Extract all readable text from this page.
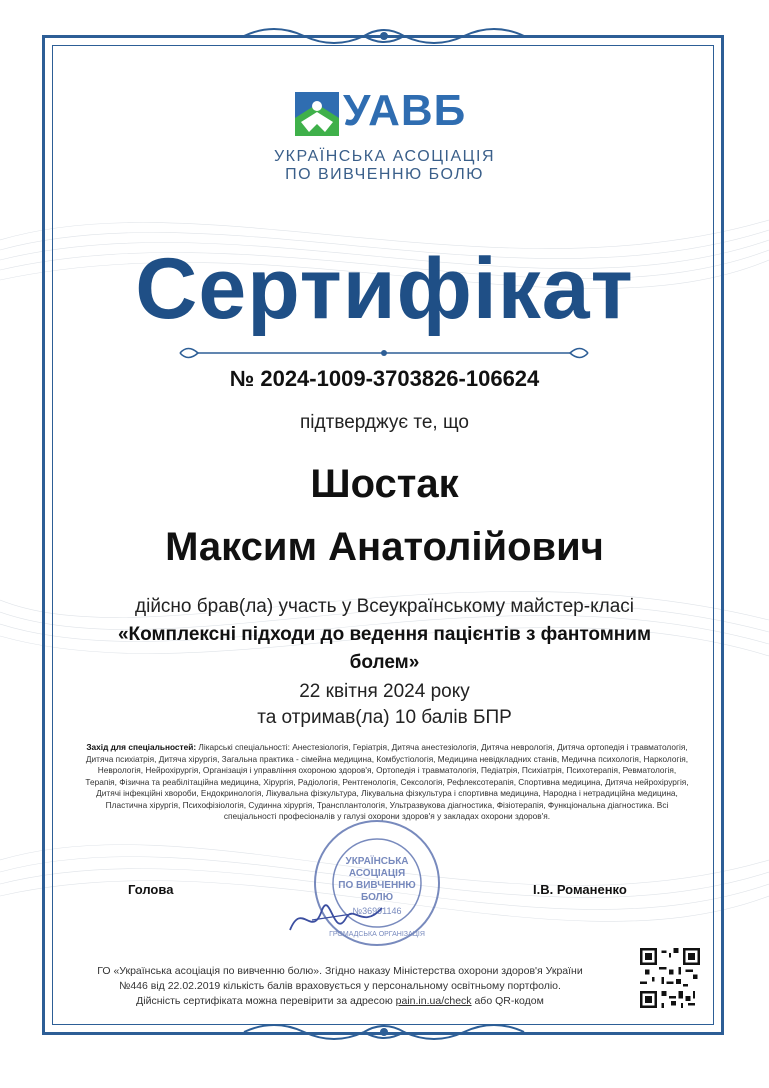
УАВБ
УКРАЇНСЬКА АСОЦІАЦІЯ
ПО ВИВЧЕННЮ БОЛЮ
Сертифікат
№ 2024-1009-3703826-106624
підтверджує те, що
Шостак
Максим Анатолійович
дійсно брав(ла) участь у Всеукраїнському майстер-класі
«Комплексні підходи до ведення пацієнтів з фантомним
болем»
22 квітня 2024 року
та отримав(ла) 10 балів БПР
Захід для спеціальностей: Лікарські спеціальності: Анестезіологія, Геріатрія, Дитяча анестезіологія, Дитяча неврологія, Дитяча ортопедія і травматологія, Дитяча психіатрія, Дитяча хірургія, Загальна практика - сімейна медицина, Комбустіологія, Медицина невідкладних станів, Медична психологія, Наркологія, Неврологія, Нейрохірургія, Організація і управління охороною здоров'я, Ортопедія і травматологія, Педіатрія, Психіатрія, Психотерапія, Ревматологія, Терапія, Фізична та реабілітаційна медицина, Хірургія, Радіологія, Рентгенологія, Сексологія, Рефлексотерапія, Спортивна медицина, Дитяча нейрохірургія, Дитячі інфекційні хвороби, Ендокринологія, Лікувальна фізкультура, Лікувальна фізкультура і спортивна медицина, Народна і нетрадиційна медицина, Пластична хірургія, Психофізіологія, Судинна хірургія, Трансплантологія, Ультразвукова діагностика, Фізіотерапія, Функціональна діагностика. Всі спеціальності професіоналів у галузі охорони здоров'я у закладах охорони здоров'я.
УКРАЇНСЬКА
АСОЦІАЦІЯ
ПО ВИВЧЕННЮ
БОЛЮ
№36991146
ГРОМАДСЬКА ОРГАНІЗАЦІЯ
Голова	І.В. Романенко
ГО «Українська асоціація по вивченню болю». Згідно наказу Міністерства охорони здоров'я України
№446 від 22.02.2019 кількість балів враховується у персональному освітньому портфоліо.
Дійсність сертифіката можна перевірити за адресою pain.in.ua/check або QR-кодом
